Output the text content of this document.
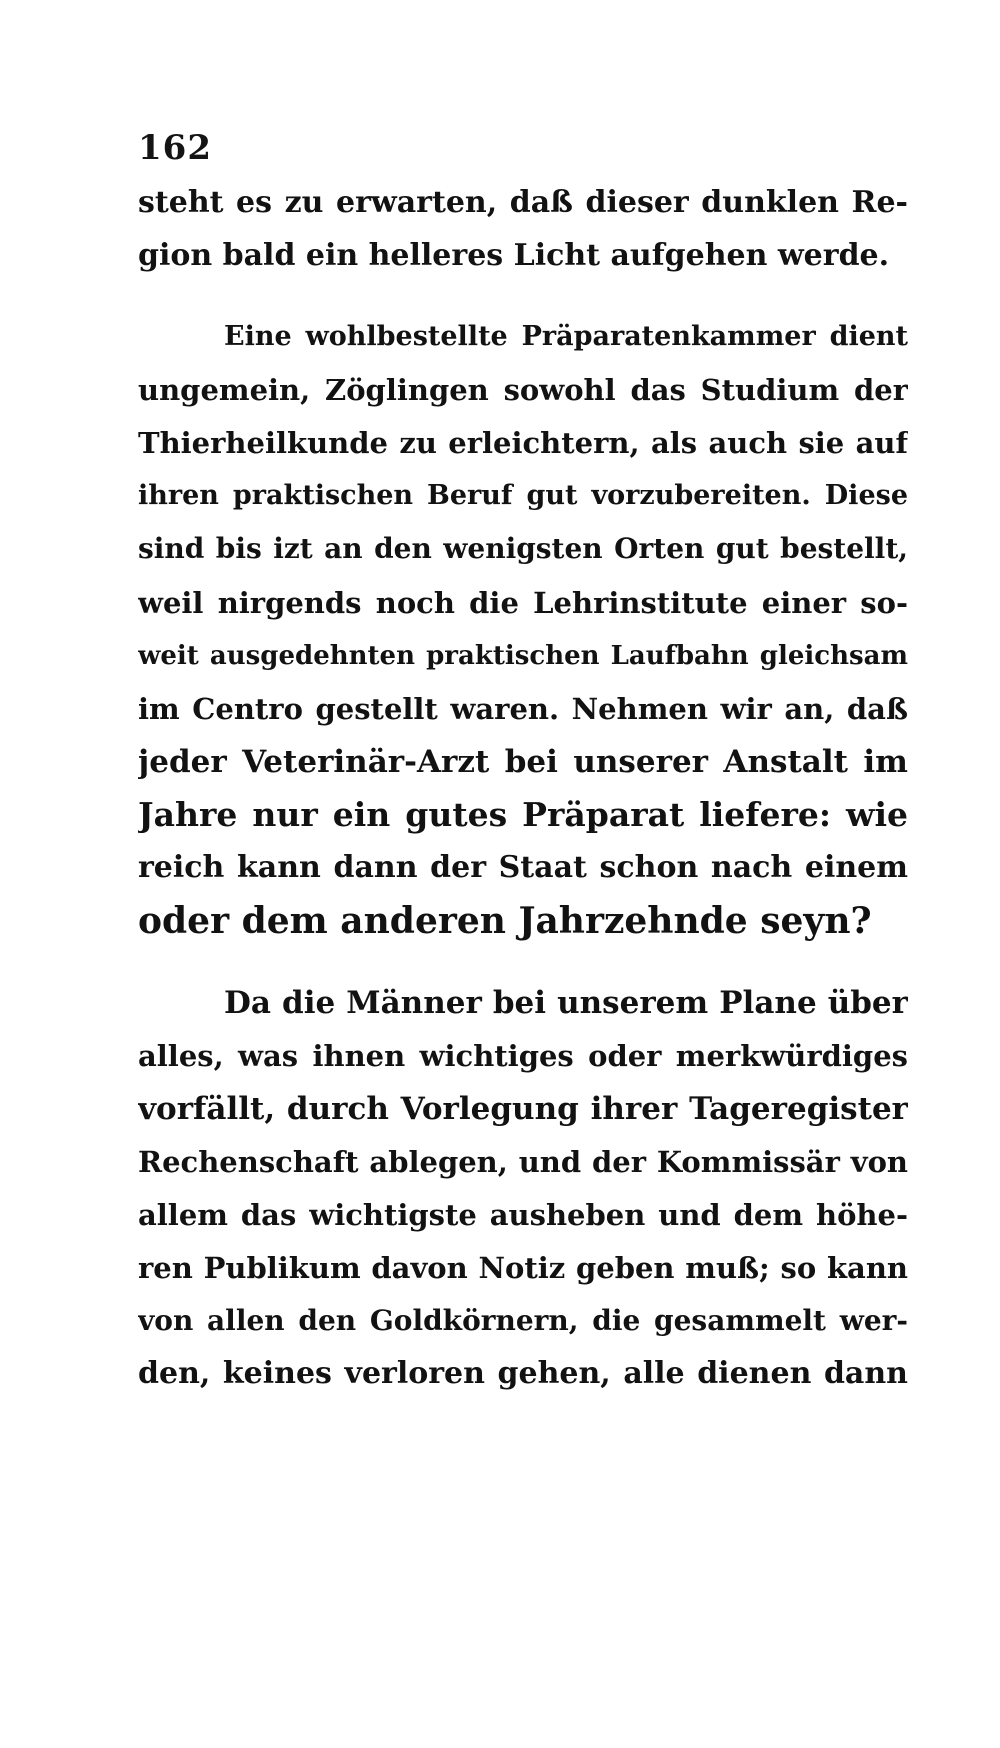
162
steht es zu erwarten, daß dieser dunklen Re-
gion bald ein helleres Licht aufgehen werde.
Eine wohlbestellte Präparatenkammer dient
ungemein, Zöglingen sowohl das Studium der
Thierheilkunde zu erleichtern, als auch sie auf
ihren praktischen Beruf gut vorzubereiten. Diese
sind bis izt an den wenigsten Orten gut bestellt,
weil nirgends noch die Lehrinstitute einer so-
weit ausgedehnten praktischen Laufbahn gleichsam
im Centro gestellt waren. Nehmen wir an, daß
jeder Veterinär-Arzt bei unserer Anstalt im
Jahre nur ein gutes Präparat liefere: wie
reich kann dann der Staat schon nach einem
oder dem anderen Jahrzehnde seyn?
Da die Männer bei unserem Plane über
alles, was ihnen wichtiges oder merkwürdiges
vorfällt, durch Vorlegung ihrer Tageregister
Rechenschaft ablegen, und der Kommissär von
allem das wichtigste ausheben und dem höhe-
ren Publikum davon Notiz geben muß; so kann
von allen den Goldkörnern, die gesammelt wer-
den, keines verloren gehen, alle dienen dann
